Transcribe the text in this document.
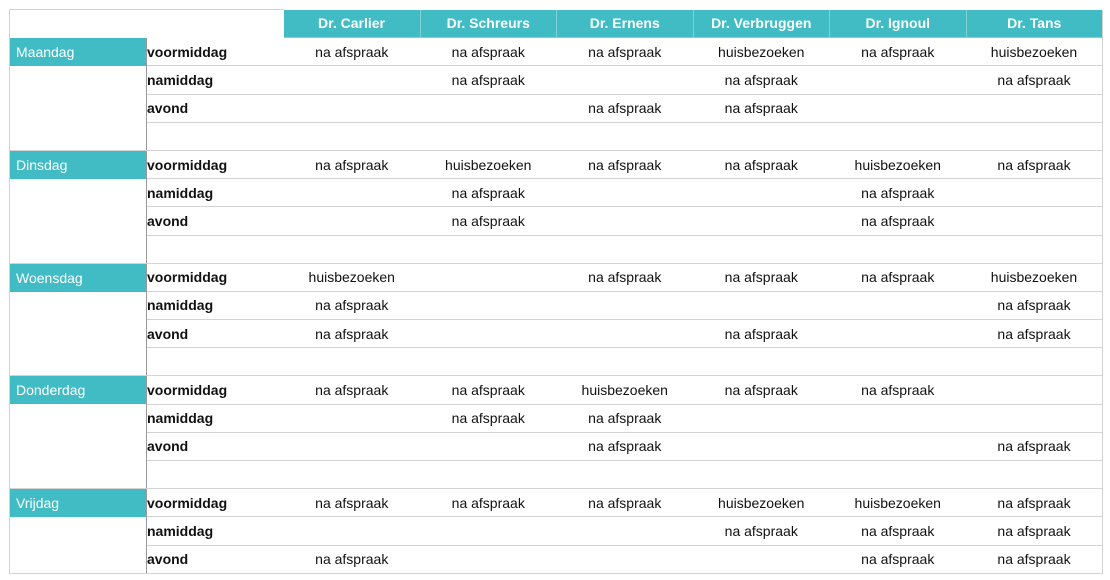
		Dr. Carlier	Dr. Schreurs	Dr. Ernens	Dr. Verbruggen	Dr. Ignoul	Dr. Tans

Maandag	voormiddag	na afspraak	na afspraak	na afspraak	huisbezoeken	na afspraak	huisbezoeken
	namiddag		na afspraak		na afspraak		na afspraak
	avond			na afspraak	na afspraak		

Dinsdag	voormiddag	na afspraak	huisbezoeken	na afspraak	na afspraak	huisbezoeken	na afspraak
	namiddag		na afspraak			na afspraak	
	avond		na afspraak			na afspraak	

Woensdag	voormiddag	huisbezoeken		na afspraak	na afspraak	na afspraak	huisbezoeken
	namiddag	na afspraak					na afspraak
	avond	na afspraak			na afspraak		na afspraak

Donderdag	voormiddag	na afspraak	na afspraak	huisbezoeken	na afspraak	na afspraak	
	namiddag		na afspraak	na afspraak			
	avond			na afspraak			na afspraak

Vrijdag	voormiddag	na afspraak	na afspraak	na afspraak	huisbezoeken	huisbezoeken	na afspraak
	namiddag				na afspraak	na afspraak	na afspraak
	avond	na afspraak				na afspraak	na afspraak
